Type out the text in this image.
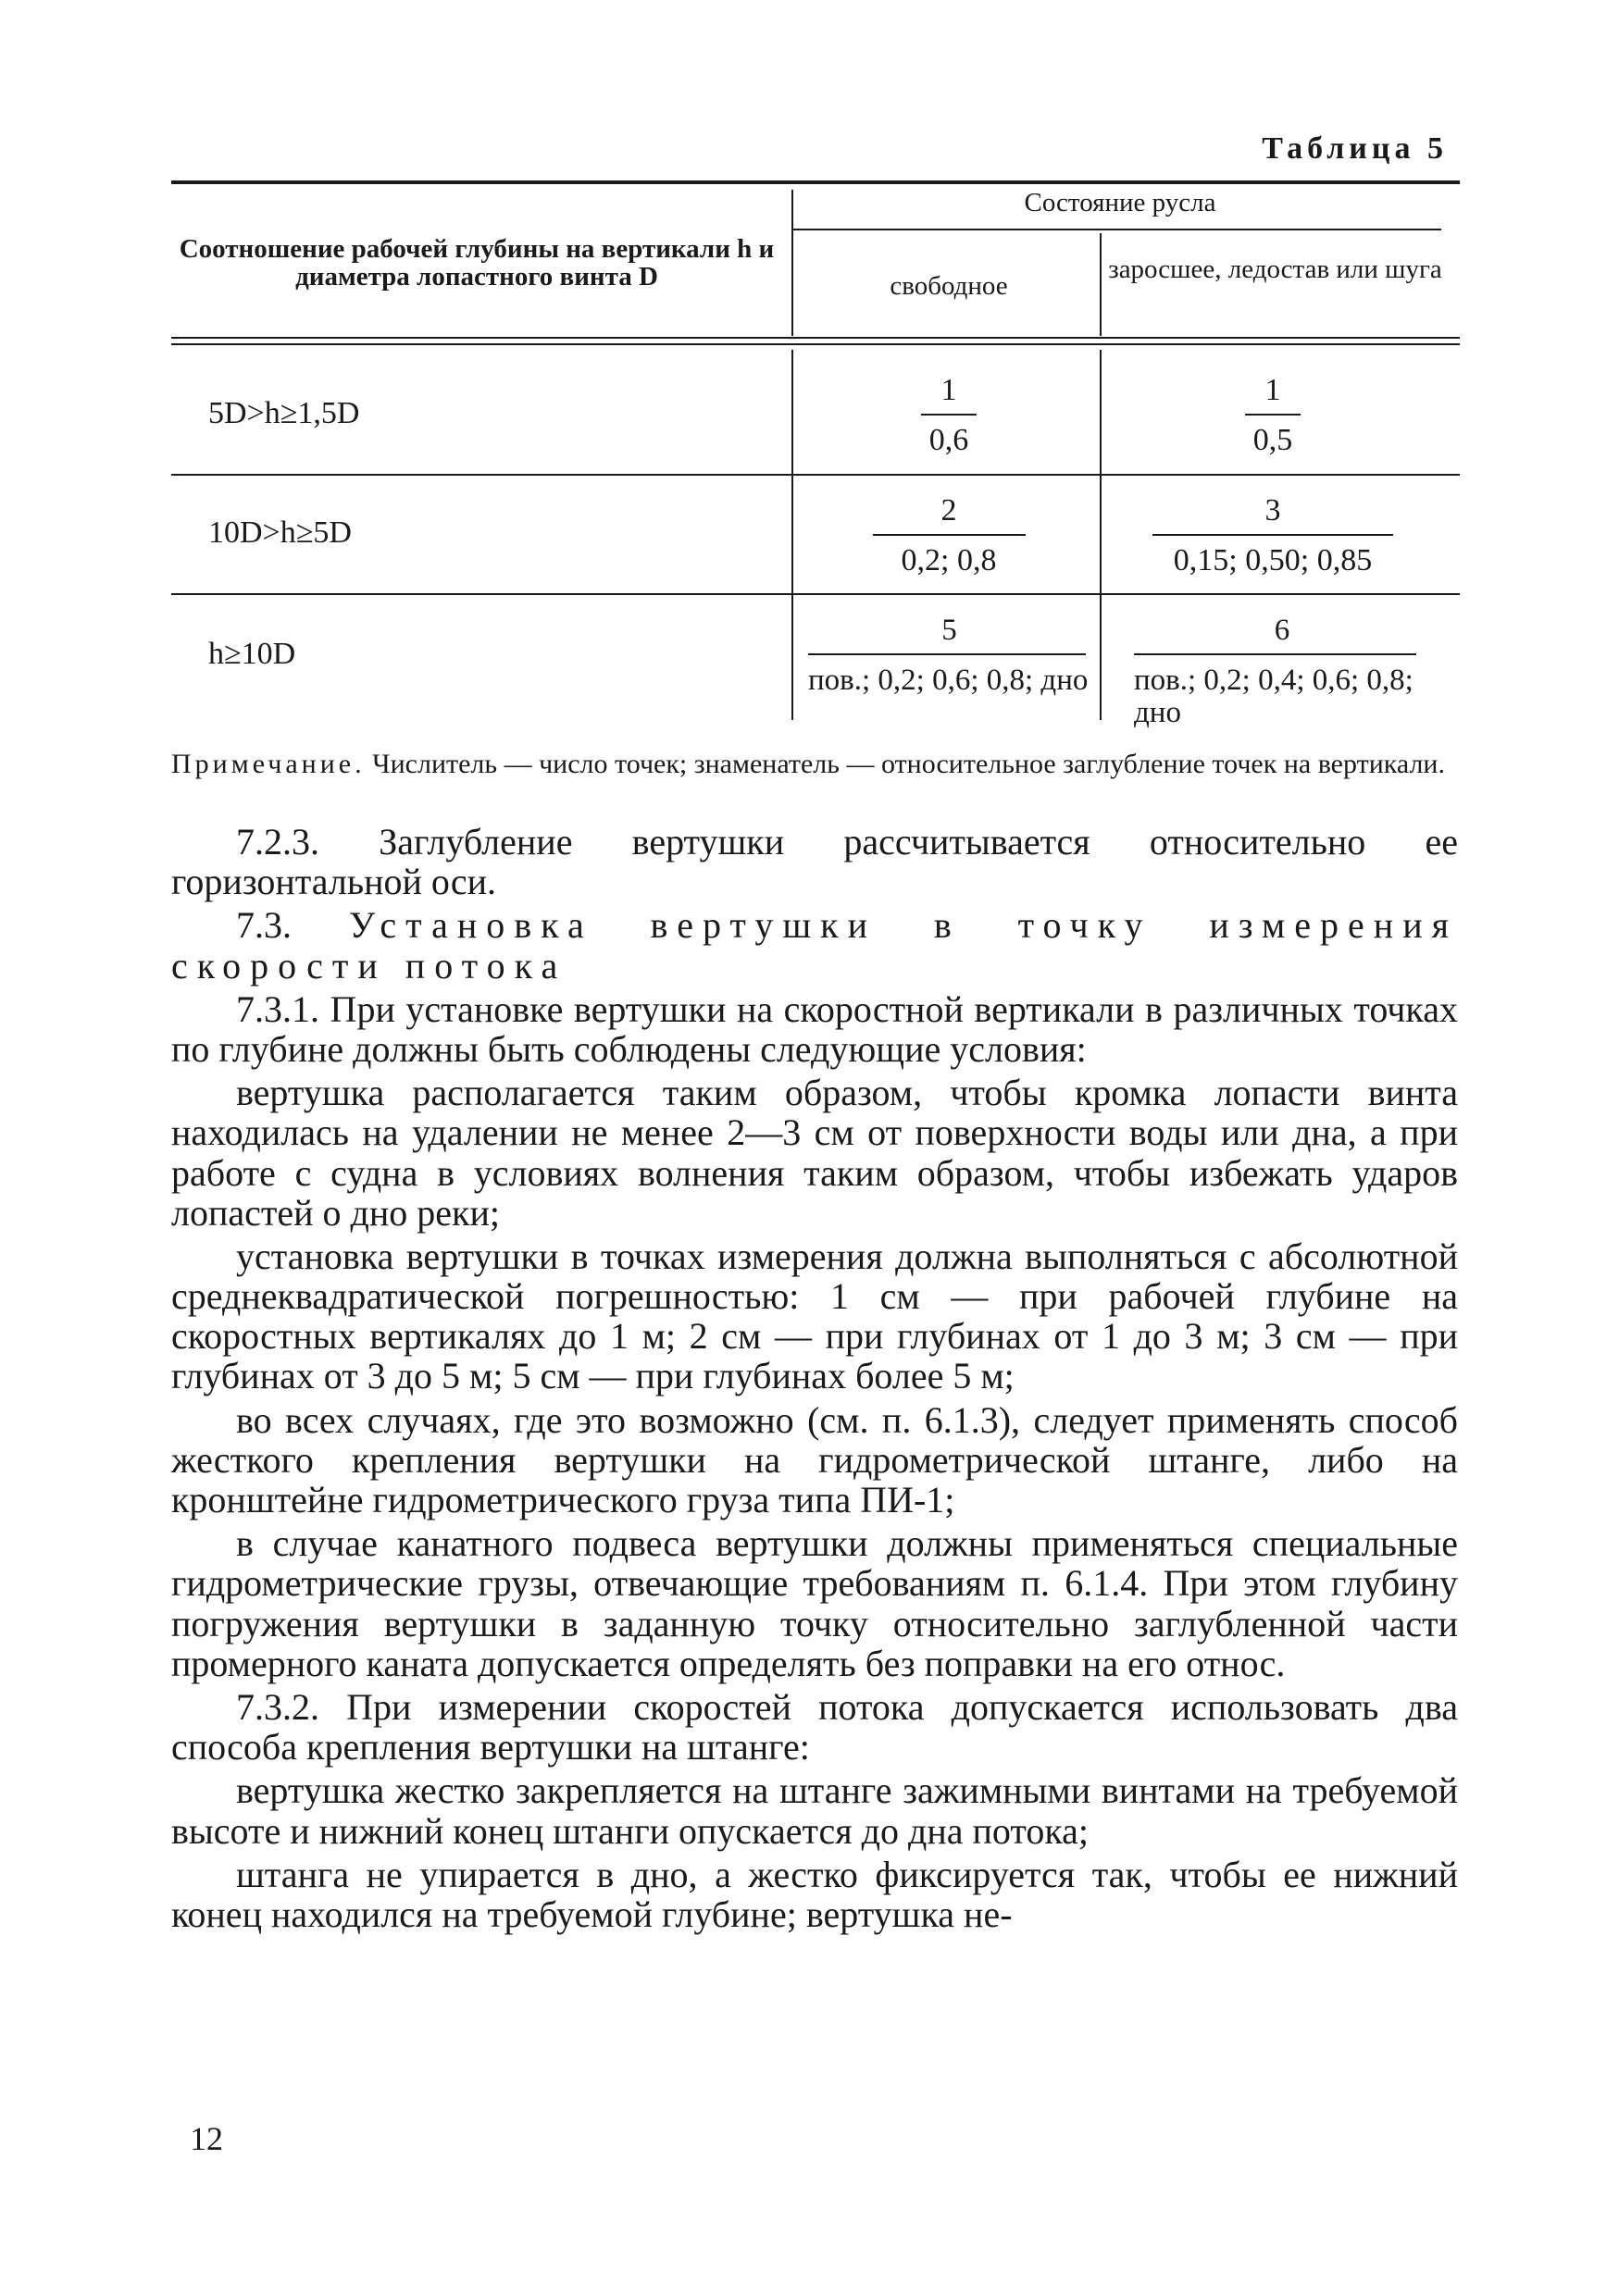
Таблица 5
Соотношение рабочей глубины на вертикали h и диаметра лопастного винта D
Состояние русла
свободное
заросшее, ледостав или шуга
5D>h≥1,5D
1
0,6
1
0,5
10D>h≥5D
2
0,2; 0,8
3
0,15; 0,50; 0,85
h≥10D
5
пов.; 0,2; 0,6; 0,8; дно
6
пов.; 0,2; 0,4; 0,6; 0,8; дно
Примечание. Числитель — число точек; знаменатель — относительное заглубление точек на вертикали.

7.2.3. Заглубление вертушки рассчитывается относительно ее горизонтальной оси.

7.3. Установка вертушки в точку измерения скорости потока

7.3.1. При установке вертушки на скоростной вертикали в различных точках по глубине должны быть соблюдены следующие условия:

вертушка располагается таким образом, чтобы кромка лопасти винта находилась на удалении не менее 2—3 см от поверхности воды или дна, а при работе с судна в условиях волнения таким образом, чтобы избежать ударов лопастей о дно реки;

установка вертушки в точках измерения должна выполняться с абсолютной среднеквадратической погрешностью: 1 см — при рабочей глубине на скоростных вертикалях до 1 м; 2 см — при глубинах от 1 до 3 м; 3 см — при глубинах от 3 до 5 м; 5 см — при глубинах более 5 м;

во всех случаях, где это возможно (см. п. 6.1.3), следует применять способ жесткого крепления вертушки на гидрометрической штанге, либо на кронштейне гидрометрического груза типа ПИ-1;

в случае канатного подвеса вертушки должны применяться специальные гидрометрические грузы, отвечающие требованиям п. 6.1.4. При этом глубину погружения вертушки в заданную точку относительно заглубленной части промерного каната допускается определять без поправки на его относ.

7.3.2. При измерении скоростей потока допускается использовать два способа крепления вертушки на штанге:

вертушка жестко закрепляется на штанге зажимными винтами на требуемой высоте и нижний конец штанги опускается до дна потока;

штанга не упирается в дно, а жестко фиксируется так, чтобы ее нижний конец находился на требуемой глубине; вертушка не-

12
